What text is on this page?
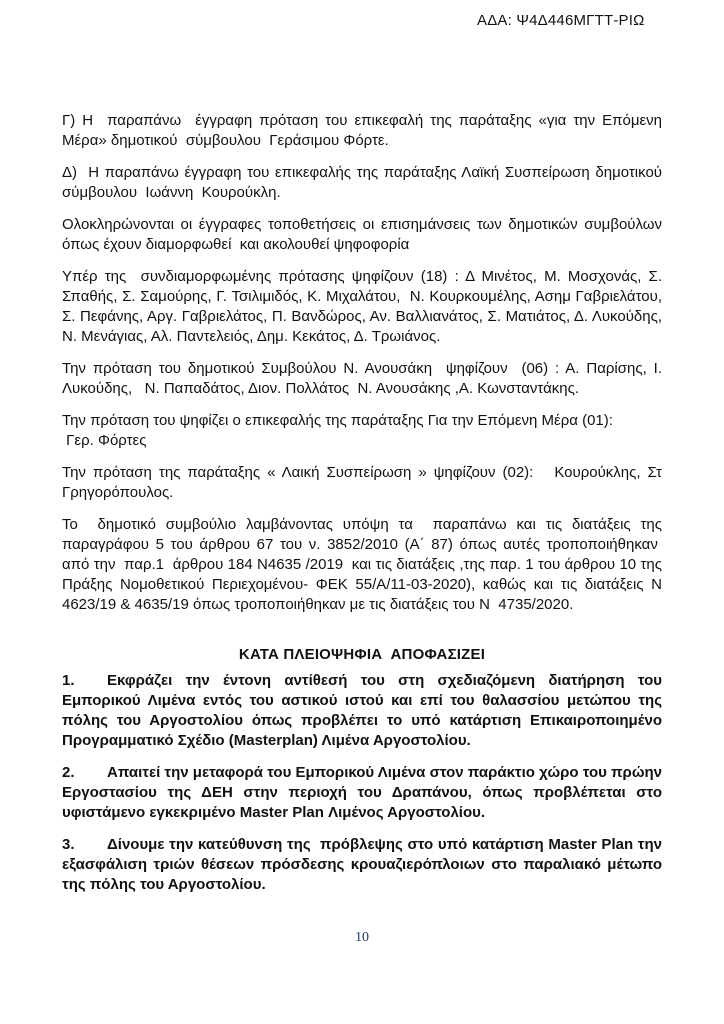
ΑΔΑ: Ψ4Δ446ΜΓΤΤ-ΡΙΩ

Γ) Η  παραπάνω  έγγραφη πρόταση του επικεφαλή της παράταξης «για την Επόμενη Μέρα» δημοτικού  σύμβουλου  Γεράσιμου Φόρτε.

Δ)  Η παραπάνω έγγραφη του επικεφαλής της παράταξης Λαϊκή Συσπείρωση δημοτικού σύμβουλου  Ιωάννη  Κουρούκλη.

Ολοκληρώνονται οι έγγραφες τοποθετήσεις οι επισημάνσεις των δημοτικών συμβούλων όπως έχουν διαμορφωθεί  και ακολουθεί ψηφοφορία

Υπέρ της  συνδιαμορφωμένης πρότασης ψηφίζουν (18) : Δ Μινέτος, Μ. Μοσχονάς, Σ. Σπαθής, Σ. Σαμούρης, Γ. Τσιλιμιδός, Κ. Μιχαλάτου,  Ν. Κουρκουμέλης, Ασημ Γαβριελάτου, Σ. Πεφάνης, Αργ. Γαβριελάτος, Π. Βανδώρος, Αν. Βαλλιανάτος, Σ. Ματιάτος, Δ. Λυκούδης, Ν. Μενάγιας, Αλ. Παντελειός, Δημ. Κεκάτος, Δ. Τρωιάνος.

Την πρόταση του δημοτικού Συμβούλου Ν. Ανουσάκη  ψηφίζουν  (06) : Α. Παρίσης, Ι. Λυκούδης,   Ν. Παπαδάτος, Διον. Πολλάτος  Ν. Ανουσάκης ,Α. Κωνσταντάκης.

Την πρόταση του ψηφίζει ο επικεφαλής της παράταξης Για την Επόμενη Μέρα (01):
Γερ. Φόρτες

Την πρόταση της παράταξης « Λαική Συσπείρωση » ψηφίζουν (02):   Κουρούκλης, Στ Γρηγορόπουλος.

Το  δημοτικό συμβούλιο λαμβάνοντας υπόψη τα  παραπάνω και τις διατάξεις της παραγράφου 5 του άρθρου 67 του ν. 3852/2010 (Α΄ 87) όπως αυτές τροποποιήθηκαν  από την  παρ.1  άρθρου 184 Ν4635 /2019  και τις διατάξεις ,της παρ. 1 του άρθρου 10 της Πράξης Νομοθετικού Περιεχομένου- ΦΕΚ 55/Α/11-03-2020), καθώς και τις διατάξεις Ν 4623/19 & 4635/19 όπως τροποποιήθηκαν με τις διατάξεις του Ν  4735/2020.

ΚΑΤΑ ΠΛΕΙΟΨΗΦΙΑ  ΑΠΟΦΑΣΙΖΕΙ

1. Εκφράζει την έντονη αντίθεσή του στη σχεδιαζόμενη διατήρηση του Εμπορικού Λιμένα εντός του αστικού ιστού και επί του θαλασσίου μετώπου της πόλης του Αργοστολίου όπως προβλέπει το υπό κατάρτιση Επικαιροποιημένο Προγραμματικό Σχέδιο (Masterplan) Λιμένα Αργοστολίου.

2. Απαιτεί την μεταφορά του Εμπορικού Λιμένα στον παράκτιο χώρο του πρώην Εργοστασίου της ΔΕΗ στην περιοχή του Δραπάνου, όπως προβλέπεται στο υφιστάμενο εγκεκριμένο Master Plan Λιμένος Αργοστολίου.

3. Δίνουμε την κατεύθυνση της  πρόβλεψης στο υπό κατάρτιση Master Plan την εξασφάλιση τριών θέσεων πρόσδεσης κρουαζιερόπλοιων στο παραλιακό μέτωπο της πόλης του Αργοστολίου.

10
